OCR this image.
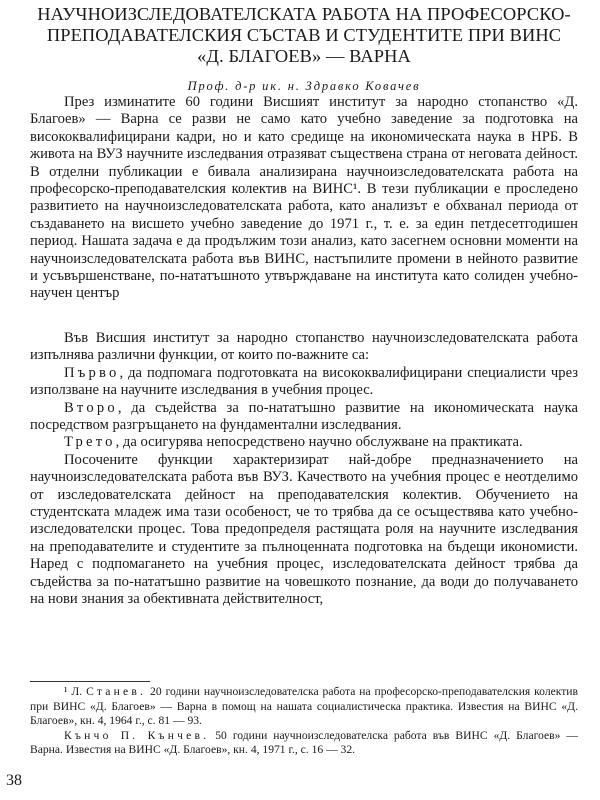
НАУЧНОИЗСЛЕДОВАТЕЛСКАТА РАБОТА НА ПРОФЕСОРСКО-
ПРЕПОДАВАТЕЛСКИЯ СЪСТАВ И СТУДЕНТИТЕ ПРИ ВИНС
«Д. БЛАГОЕВ» — ВАРНА
Проф. д-р ик. н. Здравко Ковачев

През изминатите 60 години Висшият институт за народно стопанство «Д. Благоев» — Варна се разви не само като учебно заведение за подготовка на висококвалифицирани кадри, но и като средище на икономическата наука в НРБ. В живота на ВУЗ научните изследвания отразяват съществена страна от неговата дейност. В отделни публикации е бивала анализирана научноизследователската работа на професорско-преподавателския колектив на ВИНС¹. В тези публикации е проследено развитието на научноизследователската работа, като анализът е обхванал периода от създаването на висшето учебно заведение до 1971 г., т. е. за един петдесетгодишен период. Нашата задача е да продължим този анализ, като засегнем основни моменти на научноизследователската работа във ВИНС, настъпилите промени в нейното развитие и усъвършенстване, по-нататъшното утвърждаване на института като солиден учебно-научен център

Във Висшия институт за народно стопанство научноизследователската работа изпълнява различни функции, от които по-важните са:

Първо, да подпомага подготовката на висококвалифицирани специалисти чрез използване на научните изследвания в учебния процес.

Второ, да съдейства за по-нататъшно развитие на икономическата наука посредством разгръщането на фундаментални изследвания.

Трето, да осигурява непосредствено научно обслужване на практиката.

Посочените функции характеризират най-добре предназначението на научноизследователската работа във ВУЗ. Качеството на учебния процес е неотделимо от изследователската дейност на преподавателския колектив. Обучението на студентската младеж има тази особеност, че то трябва да се осъществява като учебно-изследователски процес. Това предопределя растящата роля на научните изследвания на преподавателите и студентите за пълноценната подготовка на бъдещи икономисти. Наред с подпомагането на учебния процес, изследователската дейност трябва да съдейства за по-нататъшно развитие на човешкото познание, да води до получаването на нови знания за обективната действителност,

¹ Л. Станев. 20 години научноизследователска работа на професорско-преподавателския колектив при ВИНС «Д. Благоев» — Варна в помощ на нашата социалистическа практика. Известия на ВИНС «Д. Благоев», кн. 4, 1964 г., с. 81 — 93.

Кънчо П. Кънчев. 50 години научноизследователска работа във ВИНС «Д. Благоев» — Варна. Известия на ВИНС «Д. Благоев», кн. 4, 1971 г., с. 16 — 32.

38
